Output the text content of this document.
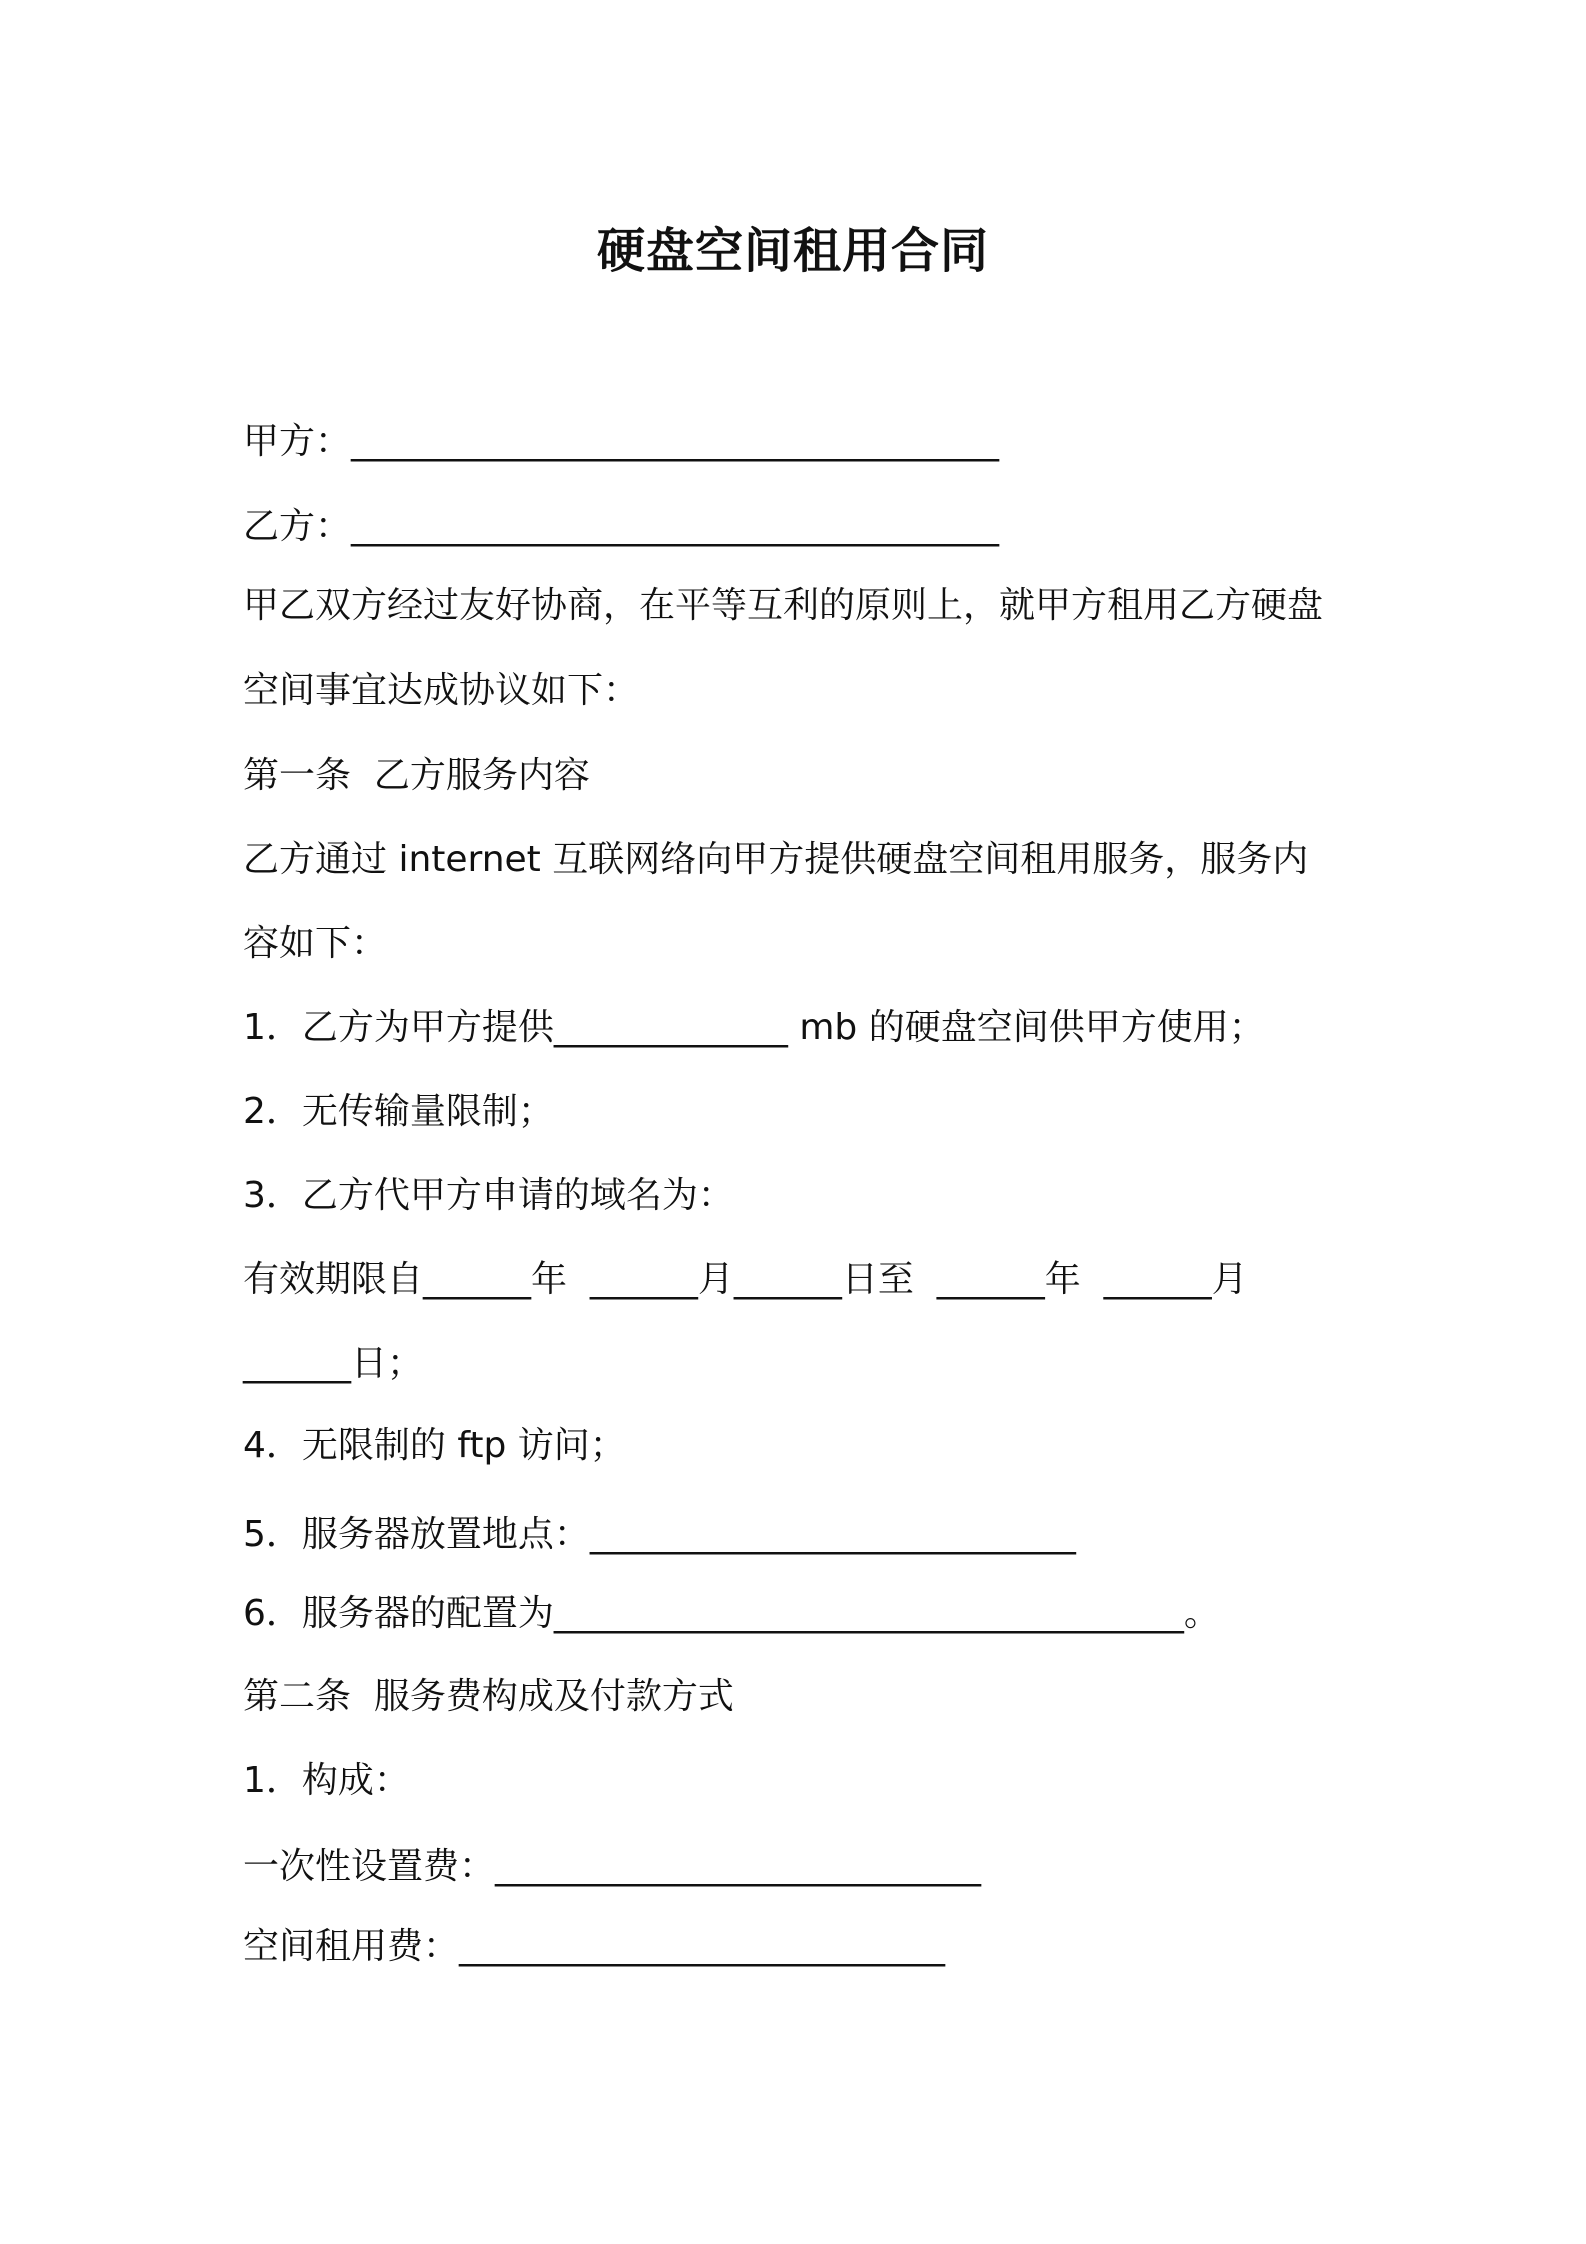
硬盘空间租用合同
甲方：____________________________________
乙方：____________________________________
甲乙双方经过友好协商，在平等互利的原则上，就甲方租用乙方硬盘
空间事宜达成协议如下：
第一条  乙方服务内容
乙方通过 internet 互联网络向甲方提供硬盘空间租用服务，服务内
容如下：
1．乙方为甲方提供_____________ mb 的硬盘空间供甲方使用；
2．无传输量限制；
3．乙方代甲方申请的域名为：
有效期限自______年  ______月______日至  ______年  ______月
______日；
4．无限制的 ftp 访问；
5．服务器放置地点：___________________________
6．服务器的配置为___________________________________。
第二条  服务费构成及付款方式
1．构成：
一次性设置费：___________________________
空间租用费：___________________________
